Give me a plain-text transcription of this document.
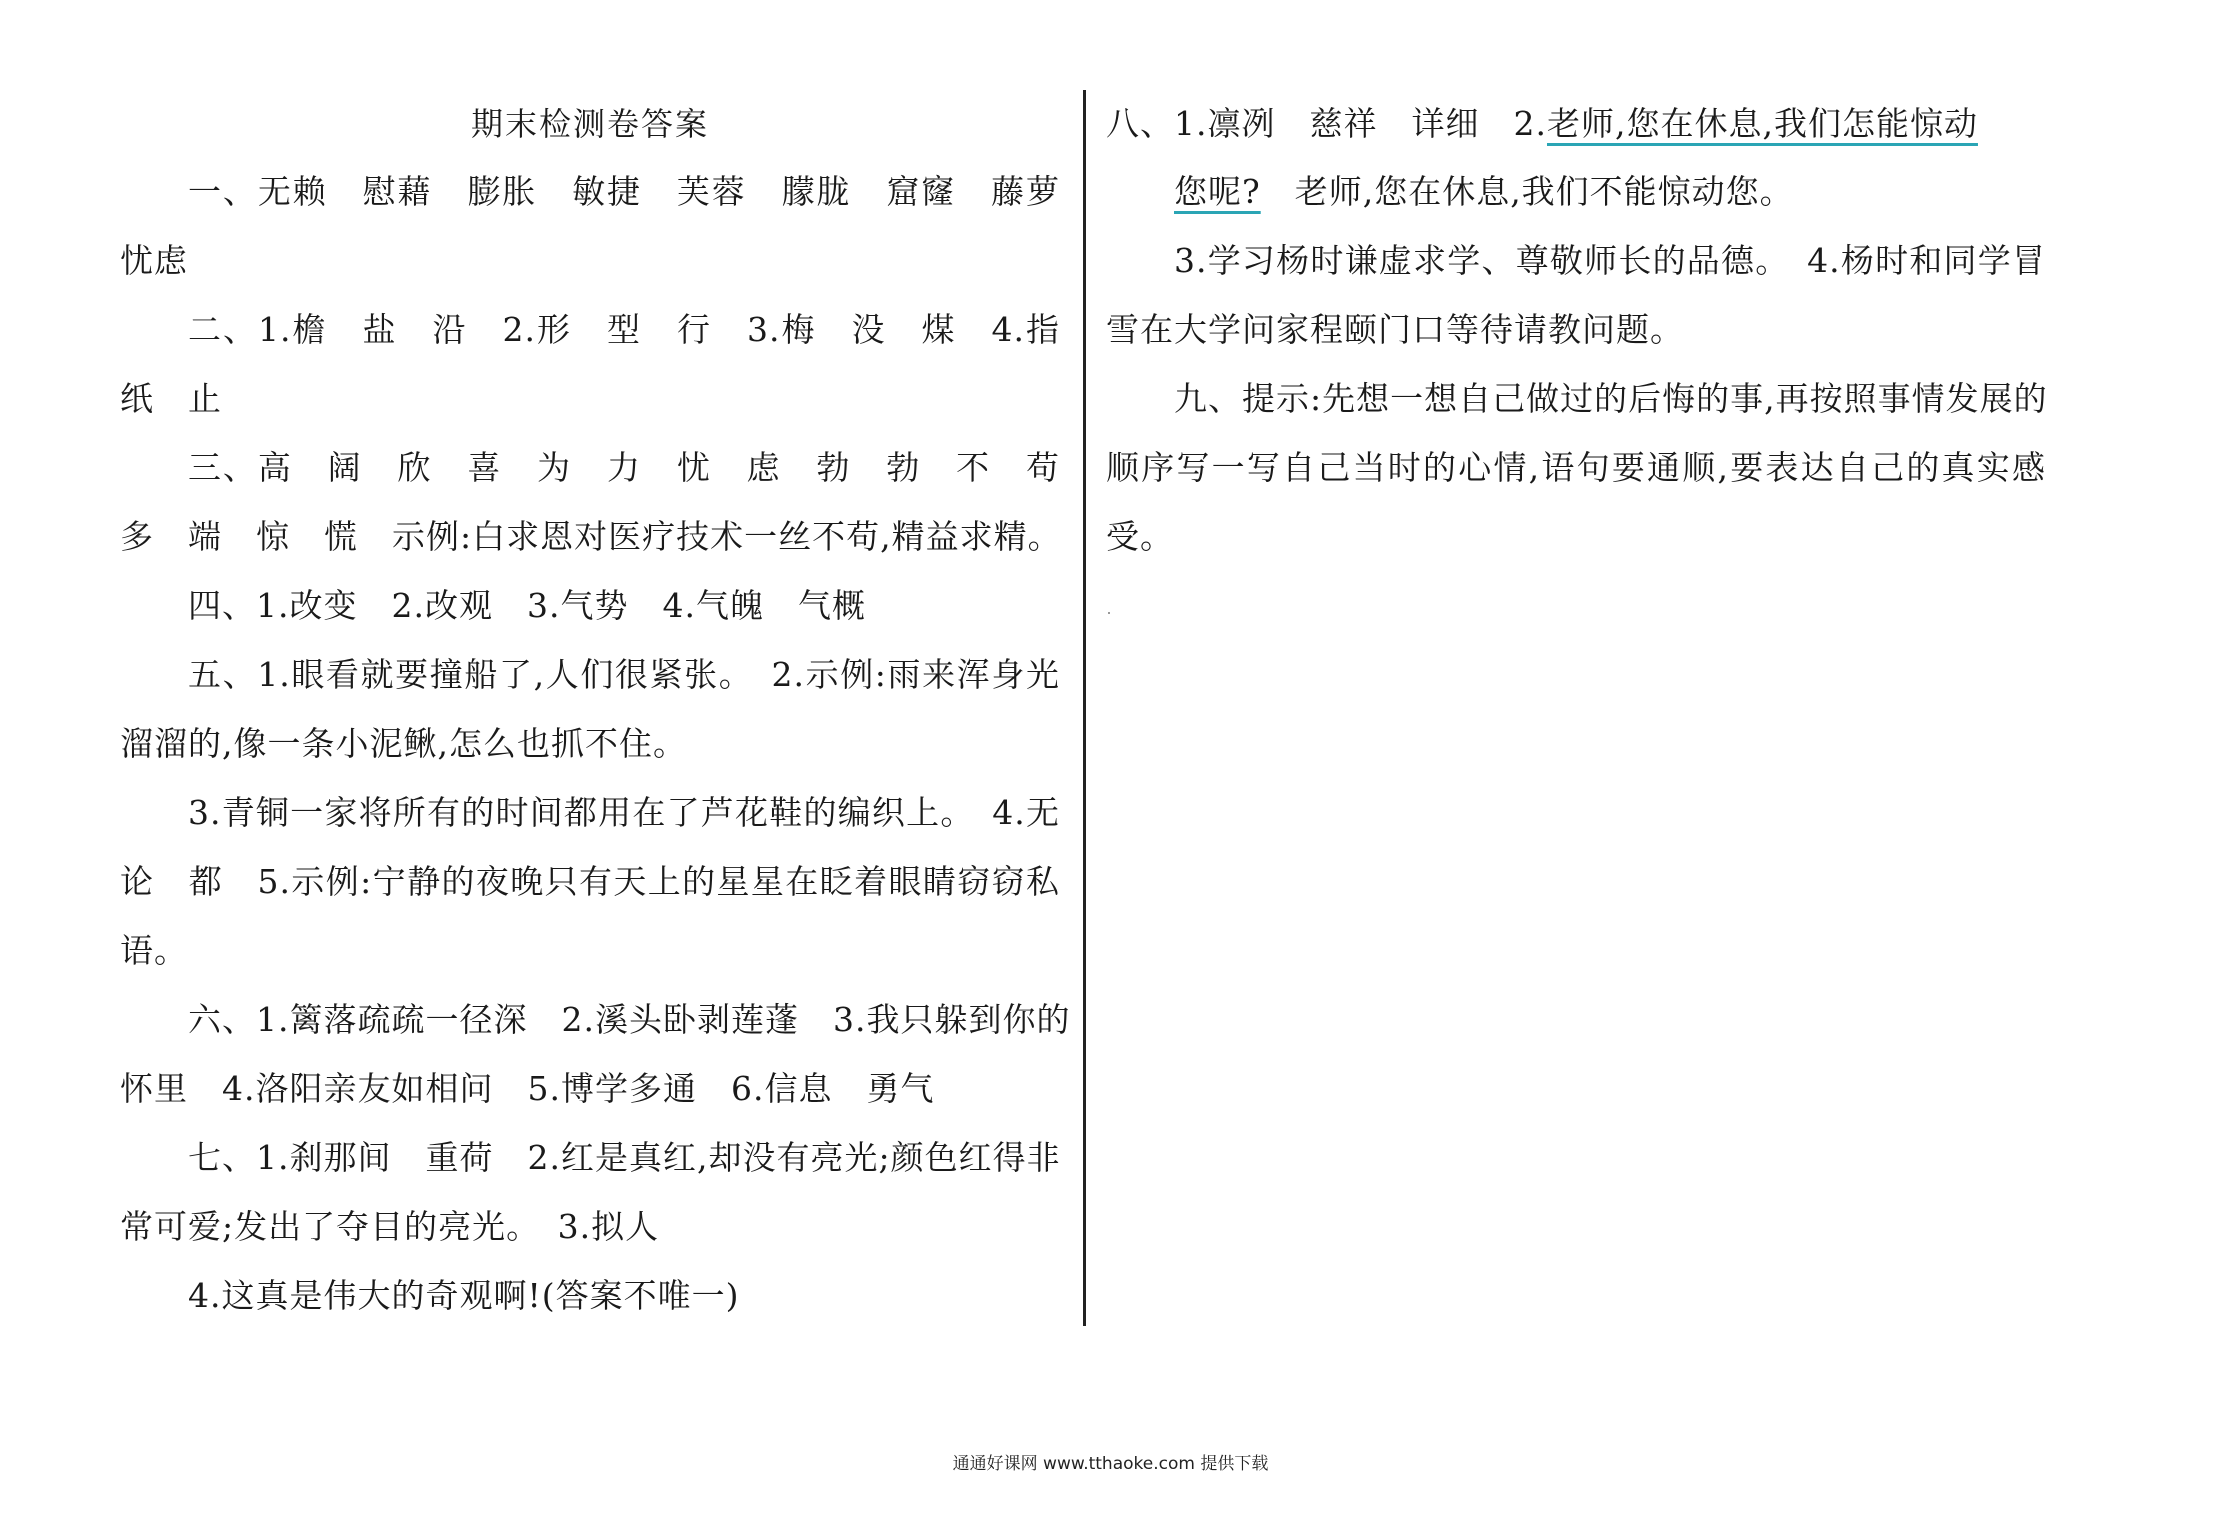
期末检测卷答案
一、无赖　慰藉　膨胀　敏捷　芙蓉　朦胧　窟窿　藤萝
忧虑
二、1.檐　盐　沿　2.形　型　行　3.梅　没　煤　4.指
纸　止
三、高　阔　欣　喜　为　力　忧　虑　勃　勃　不　苟
多　端　惊　慌　示例:白求恩对医疗技术一丝不苟,精益求精。
四、1.改变　2.改观　3.气势　4.气魄　气概
五、1.眼看就要撞船了,人们很紧张。　2.示例:雨来浑身光
溜溜的,像一条小泥鳅,怎么也抓不住。
3.青铜一家将所有的时间都用在了芦花鞋的编织上。　4.无
论　都　5.示例:宁静的夜晚只有天上的星星在眨着眼睛窃窃私
语。
六、1.篱落疏疏一径深　2.溪头卧剥莲蓬　3.我只躲到你的
怀里　4.洛阳亲友如相问　5.博学多通　6.信息　勇气
七、1.刹那间　重荷　2.红是真红,却没有亮光;颜色红得非
常可爱;发出了夺目的亮光。　3.拟人
4.这真是伟大的奇观啊!(答案不唯一)
八、1.凛冽　慈祥　详细　2.老师,您在休息,我们怎能惊动
您呢?　老师,您在休息,我们不能惊动您。
3.学习杨时谦虚求学、尊敬师长的品德。　4.杨时和同学冒
雪在大学问家程颐门口等待请教问题。
九、提示:先想一想自己做过的后悔的事,再按照事情发展的
顺序写一写自己当时的心情,语句要通顺,要表达自己的真实感
受。
通通好课网 www.tthaoke.com 提供下载
